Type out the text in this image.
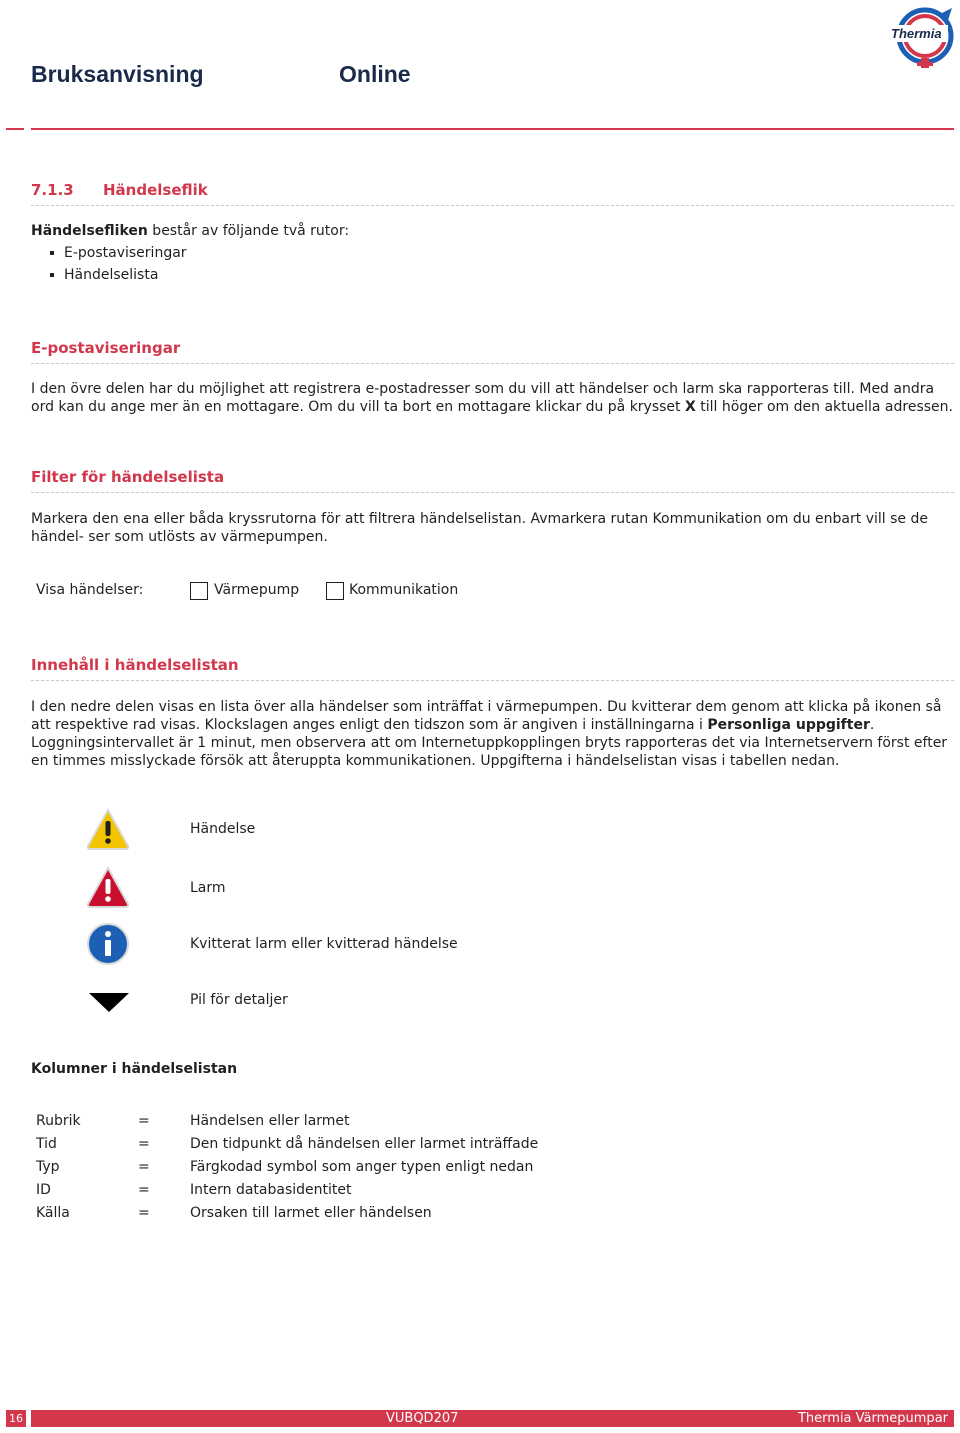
Bruksanvisning	Online
Thermia
7.1.3 Händelseflik
Händelsefliken består av följande två rutor:
E-postaviseringar
Händelselista
E-postaviseringar
I den övre delen har du möjlighet att registrera e-postadresser som du vill att händelser och larm ska rapporteras till. Med andra ord kan du ange mer än en mottagare. Om du vill ta bort en mottagare klickar du på krysset X till höger om den aktuella adressen.
Filter för händelselista
Markera den ena eller båda kryssrutorna för att filtrera händelselistan. Avmarkera rutan Kommunikation om du enbart vill se de händel- ser som utlösts av värmepumpen.
Visa händelser:	Värmepump	Kommunikation
Innehåll i händelselistan
I den nedre delen visas en lista över alla händelser som inträffat i värmepumpen. Du kvitterar dem genom att klicka på ikonen så att respektive rad visas. Klockslagen anges enligt den tidszon som är angiven i inställningarna i Personliga uppgifter. Loggningsintervallet är 1 minut, men observera att om Internetuppkopplingen bryts rapporteras det via Internetservern först efter en timmes misslyckade försök att återuppta kommunikationen. Uppgifterna i händelselistan visas i tabellen nedan.
Händelse
Larm
Kvitterat larm eller kvitterad händelse
Pil för detaljer
Kolumner i händelselistan
Rubrik	=	Händelsen eller larmet
Tid	=	Den tidpunkt då händelsen eller larmet inträffade
Typ	=	Färgkodad symbol som anger typen enligt nedan
ID	=	Intern databasidentitet
Källa	=	Orsaken till larmet eller händelsen
16	VUBQD207	Thermia Värmepumpar
